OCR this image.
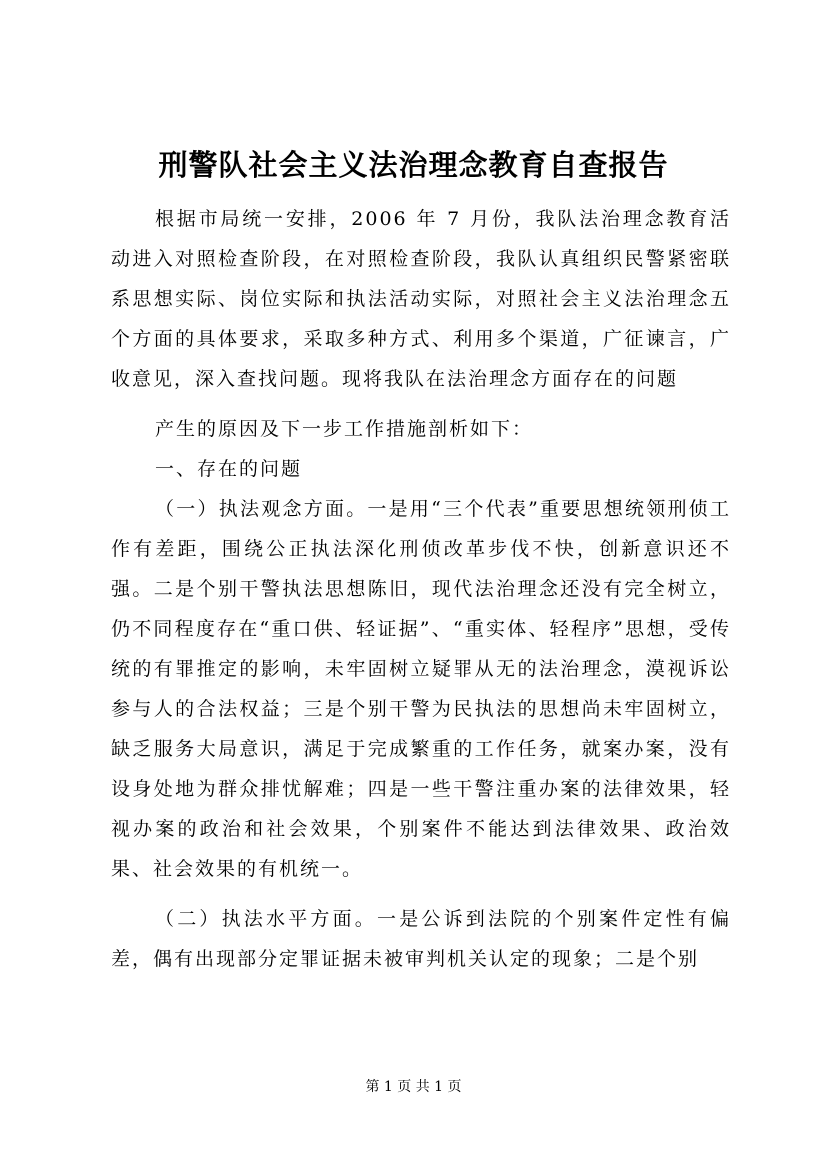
刑警队社会主义法治理念教育自查报告

根据市局统一安排，2006 年 7 月份，我队法治理念教育活动进入对照检查阶段，在对照检查阶段，我队认真组织民警紧密联系思想实际、岗位实际和执法活动实际，对照社会主义法治理念五个方面的具体要求，采取多种方式、利用多个渠道，广征谏言，广收意见，深入查找问题。现将我队在法治理念方面存在的问题

产生的原因及下一步工作措施剖析如下：

一、存在的问题

（一）执法观念方面。一是用“三个代表”重要思想统领刑侦工作有差距，围绕公正执法深化刑侦改革步伐不快，创新意识还不强。二是个别干警执法思想陈旧，现代法治理念还没有完全树立，仍不同程度存在“重口供、轻证据”、“重实体、轻程序”思想，受传统的有罪推定的影响，未牢固树立疑罪从无的法治理念，漠视诉讼参与人的合法权益；三是个别干警为民执法的思想尚未牢固树立，缺乏服务大局意识，满足于完成繁重的工作任务，就案办案，没有设身处地为群众排忧解难；四是一些干警注重办案的法律效果，轻视办案的政治和社会效果，个别案件不能达到法律效果、政治效果、社会效果的有机统一。

（二）执法水平方面。一是公诉到法院的个别案件定性有偏差，偶有出现部分定罪证据未被审判机关认定的现象；二是个别

第 1 页 共 1 页
